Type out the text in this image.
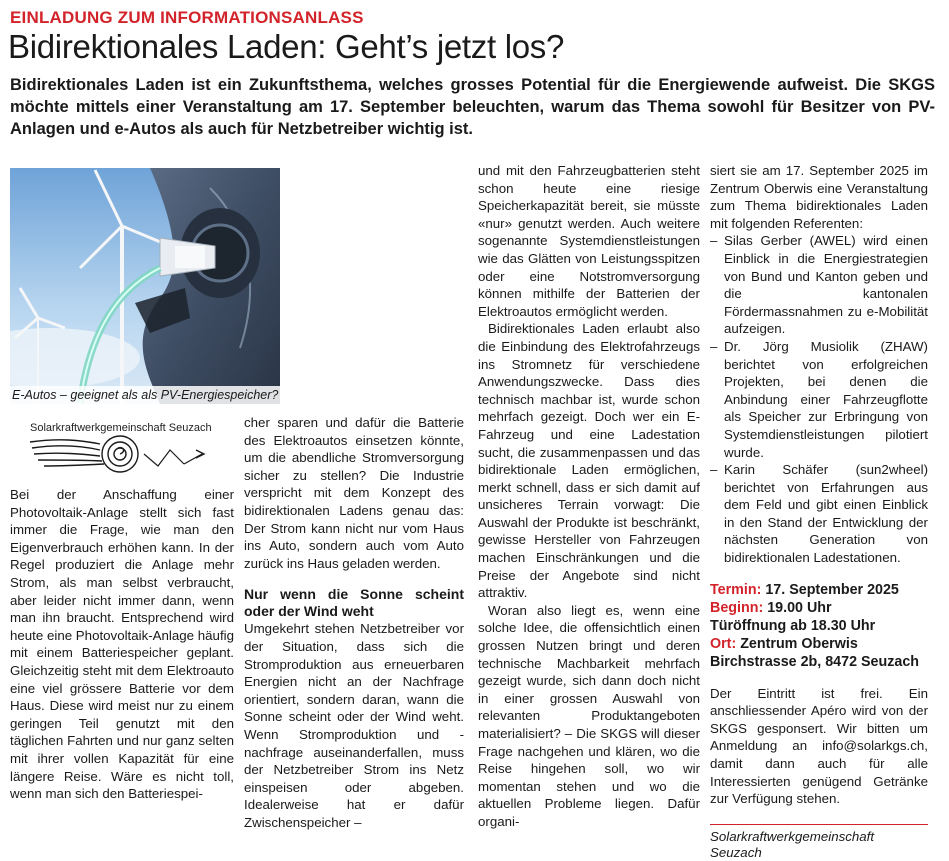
EINLADUNG ZUM INFORMATIONSANLASS
Bidirektionales Laden: Geht’s jetzt los?
Bidirektionales Laden ist ein Zukunftsthema, welches grosses Potential für die Energiewende aufweist. Die SKGS möchte mittels einer Veranstaltung am 17. September beleuchten, warum das Thema sowohl für Besitzer von PV-Anlagen und e-Autos als auch für Netzbetreiber wichtig ist.
E-Autos – geeignet als als PV-Energiespeicher?
Solarkraftwerkgemeinschaft Seuzach

Bei der Anschaffung einer Photovoltaik-Anlage stellt sich fast immer die Frage, wie man den Eigenverbrauch erhöhen kann. In der Regel produziert die Anlage mehr Strom, als man selbst verbraucht, aber leider nicht immer dann, wenn man ihn braucht. Entsprechend wird heute eine Photovoltaik-Anlage häufig mit einem Batteriespeicher geplant. Gleichzeitig steht mit dem Elektroauto eine viel grössere Batterie vor dem Haus. Diese wird meist nur zu einem geringen Teil genutzt mit den täglichen Fahrten und nur ganz selten mit ihrer vollen Kapazität für eine längere Reise. Wäre es nicht toll, wenn man sich den Batteriespei-

cher sparen und dafür die Batterie des Elektroautos einsetzen könnte, um die abendliche Stromversorgung sicher zu stellen? Die Industrie verspricht mit dem Konzept des bidirektionalen Ladens genau das: Der Strom kann nicht nur vom Haus ins Auto, sondern auch vom Auto zurück ins Haus geladen werden.

Nur wenn die Sonne scheint oder der Wind weht

Umgekehrt stehen Netzbetreiber vor der Situation, dass sich die Stromproduktion aus erneuerbaren Energien nicht an der Nachfrage orientiert, sondern daran, wann die Sonne scheint oder der Wind weht. Wenn Stromproduktion und -nachfrage auseinanderfallen, muss der Netzbetreiber Strom ins Netz einspeisen oder abgeben. Idealerweise hat er dafür Zwischenspeicher –

und mit den Fahrzeugbatterien steht schon heute eine riesige Speicherkapazität bereit, sie müsste «nur» genutzt werden. Auch weitere sogenannte Systemdienstleistungen wie das Glätten von Leistungsspitzen oder eine Notstromversorgung können mithilfe der Batterien der Elektroautos ermöglicht werden.

Bidirektionales Laden erlaubt also die Einbindung des Elektrofahrzeugs ins Stromnetz für verschiedene Anwendungszwecke. Dass dies technisch machbar ist, wurde schon mehrfach gezeigt. Doch wer ein E-Fahrzeug und eine Ladestation sucht, die zusammenpassen und das bidirektionale Laden ermöglichen, merkt schnell, dass er sich damit auf unsicheres Terrain vorwagt: Die Auswahl der Produkte ist beschränkt, gewisse Hersteller von Fahrzeugen machen Einschränkungen und die Preise der Angebote sind nicht attraktiv.

Woran also liegt es, wenn eine solche Idee, die offensichtlich einen grossen Nutzen bringt und deren technische Machbarkeit mehrfach gezeigt wurde, sich dann doch nicht in einer grossen Auswahl von relevanten Produktangeboten materialisiert? – Die SKGS will dieser Frage nachgehen und klären, wo die Reise hingehen soll, wo wir momentan stehen und wo die aktuellen Probleme liegen. Dafür organi-

siert sie am 17. September 2025 im Zentrum Oberwis eine Veranstaltung zum Thema bidirektionales Laden mit folgenden Referenten:

– Silas Gerber (AWEL) wird einen Einblick in die Energiestrategien von Bund und Kanton geben und die kantonalen Fördermassnahmen zu e-Mobilität aufzeigen.
– Dr. Jörg Musiolik (ZHAW) berichtet von erfolgreichen Projekten, bei denen die Anbindung einer Fahrzeugflotte als Speicher zur Erbringung von Systemdienstleistungen pilotiert wurde.
– Karin Schäfer (sun2wheel) berichtet von Erfahrungen aus dem Feld und gibt einen Einblick in den Stand der Entwicklung der nächsten Generation von bidirektionalen Ladestationen.
Termin: 17. September 2025
Beginn: 19.00 Uhr
Türöffnung ab 18.30 Uhr
Ort: Zentrum Oberwis
Birchstrasse 2b, 8472 Seuzach

Der Eintritt ist frei. Ein anschliessender Apéro wird von der SKGS gesponsert. Wir bitten um Anmeldung an info@solarkgs.ch, damit dann auch für alle Interessierten genügend Getränke zur Verfügung stehen.

Solarkraftwerkgemeinschaft
Seuzach
